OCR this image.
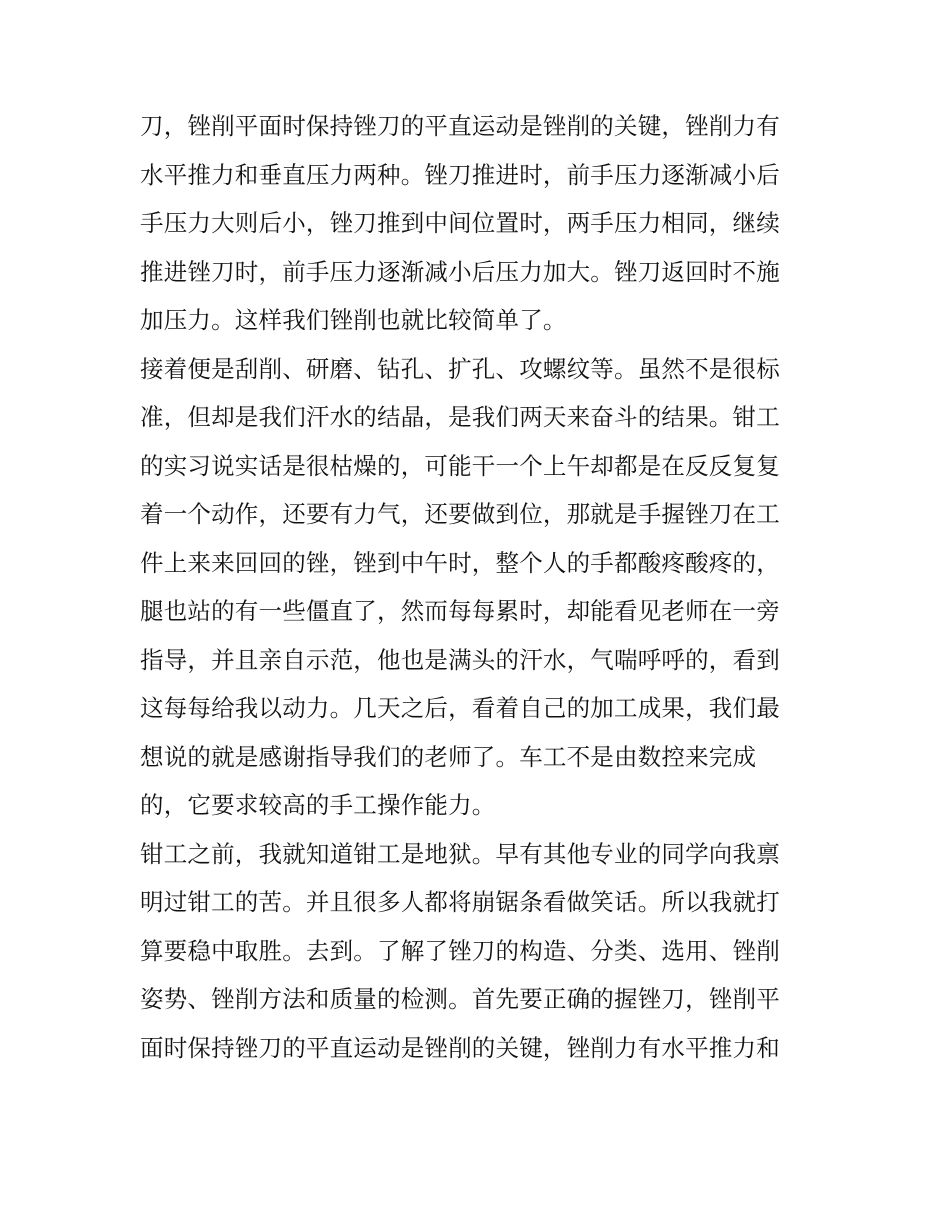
刀，锉削平面时保持锉刀的平直运动是锉削的关键，锉削力有
水平推力和垂直压力两种。锉刀推进时，前手压力逐渐减小后
手压力大则后小，锉刀推到中间位置时，两手压力相同，继续
推进锉刀时，前手压力逐渐减小后压力加大。锉刀返回时不施
加压力。这样我们锉削也就比较简单了。
接着便是刮削、研磨、钻孔、扩孔、攻螺纹等。虽然不是很标
准，但却是我们汗水的结晶，是我们两天来奋斗的结果。钳工
的实习说实话是很枯燥的，可能干一个上午却都是在反反复复
着一个动作，还要有力气，还要做到位，那就是手握锉刀在工
件上来来回回的锉，锉到中午时，整个人的手都酸疼酸疼的，
腿也站的有一些僵直了，然而每每累时，却能看见老师在一旁
指导，并且亲自示范，他也是满头的汗水，气喘呼呼的，看到
这每每给我以动力。几天之后，看着自己的加工成果，我们最
想说的就是感谢指导我们的老师了。车工不是由数控来完成
的，它要求较高的手工操作能力。
钳工之前，我就知道钳工是地狱。早有其他专业的同学向我禀
明过钳工的苦。并且很多人都将崩锯条看做笑话。所以我就打
算要稳中取胜。去到。了解了锉刀的构造、分类、选用、锉削
姿势、锉削方法和质量的检测。首先要正确的握锉刀，锉削平
面时保持锉刀的平直运动是锉削的关键，锉削力有水平推力和
